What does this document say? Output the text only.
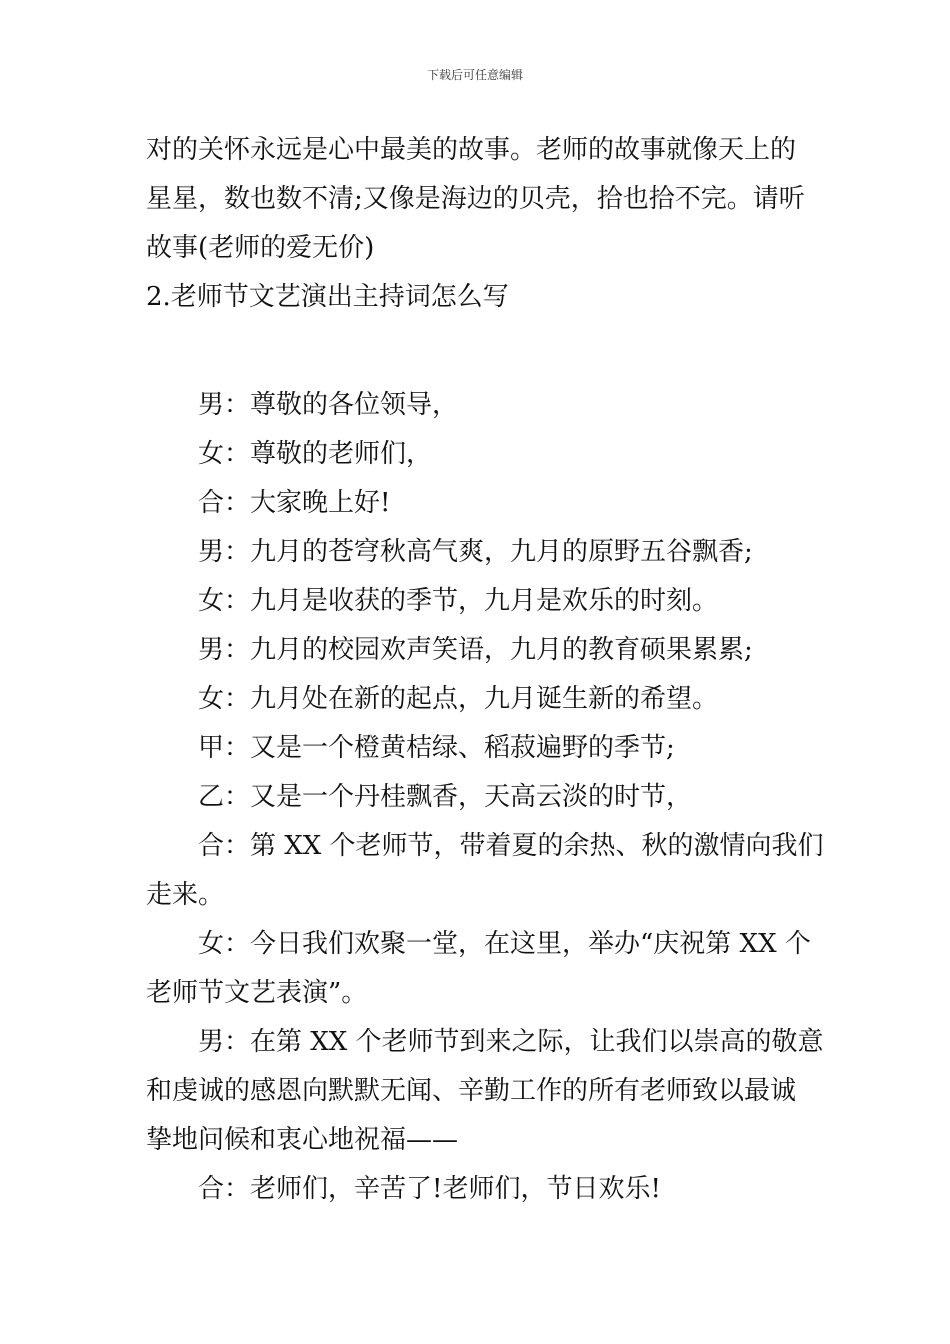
下载后可任意编辑
对的关怀永远是心中最美的故事。老师的故事就像天上的
星星，数也数不清;又像是海边的贝壳，拾也拾不完。请听
故事(老师的爱无价)
2.老师节文艺演出主持词怎么写
男：尊敬的各位领导，
女：尊敬的老师们，
合：大家晚上好!
男：九月的苍穹秋高气爽，九月的原野五谷飘香;
女：九月是收获的季节，九月是欢乐的时刻。
男：九月的校园欢声笑语，九月的教育硕果累累;
女：九月处在新的起点，九月诞生新的希望。
甲：又是一个橙黄桔绿、稻菽遍野的季节;
乙：又是一个丹桂飘香，天高云淡的时节，
合：第 XX 个老师节，带着夏的余热、秋的激情向我们
走来。
女：今日我们欢聚一堂，在这里，举办“庆祝第 XX 个
老师节文艺表演”。
男：在第 XX 个老师节到来之际，让我们以崇高的敬意
和虔诚的感恩向默默无闻、辛勤工作的所有老师致以最诚
挚地问候和衷心地祝福——
合：老师们，辛苦了!老师们，节日欢乐!
